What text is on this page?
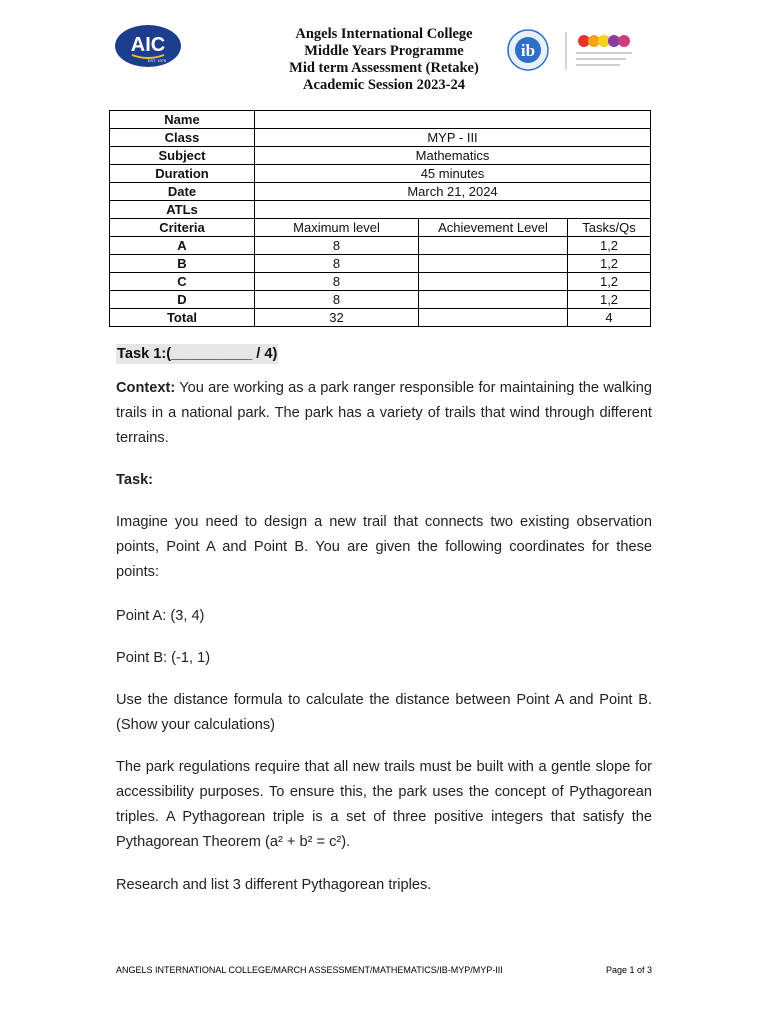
AIC
EST. 1976
Angels International College
Middle Years Programme
Mid term Assessment (Retake)
Academic Session 2023-24
ib
Name			
Class	MYP - III		
Subject	Mathematics		
Duration	45 minutes		
Date	March 21, 2024		
ATLs			
Criteria	Maximum level	Achievement Level	Tasks/Qs
A	8		1,2
B	8		1,2
C	8		1,2
D	8		1,2
Total	32		4
Task 1:(__________ / 4)

Context: You are working as a park ranger responsible for maintaining the walking trails in a national park. The park has a variety of trails that wind through different terrains.

Task:

Imagine you need to design a new trail that connects two existing observation points, Point A and Point B. You are given the following coordinates for these points:

Point A: (3, 4)

Point B: (-1, 1)

Use the distance formula to calculate the distance between Point A and Point B. (Show your calculations)

The park regulations require that all new trails must be built with a gentle slope for accessibility purposes. To ensure this, the park uses the concept of Pythagorean triples. A Pythagorean triple is a set of three positive integers that satisfy the Pythagorean Theorem (a² + b² = c²).

Research and list 3 different Pythagorean triples.

ANGELS INTERNATIONAL COLLEGE/MARCH ASSESSMENT/MATHEMATICS/IB-MYP/MYP-III	Page 1 of 3
